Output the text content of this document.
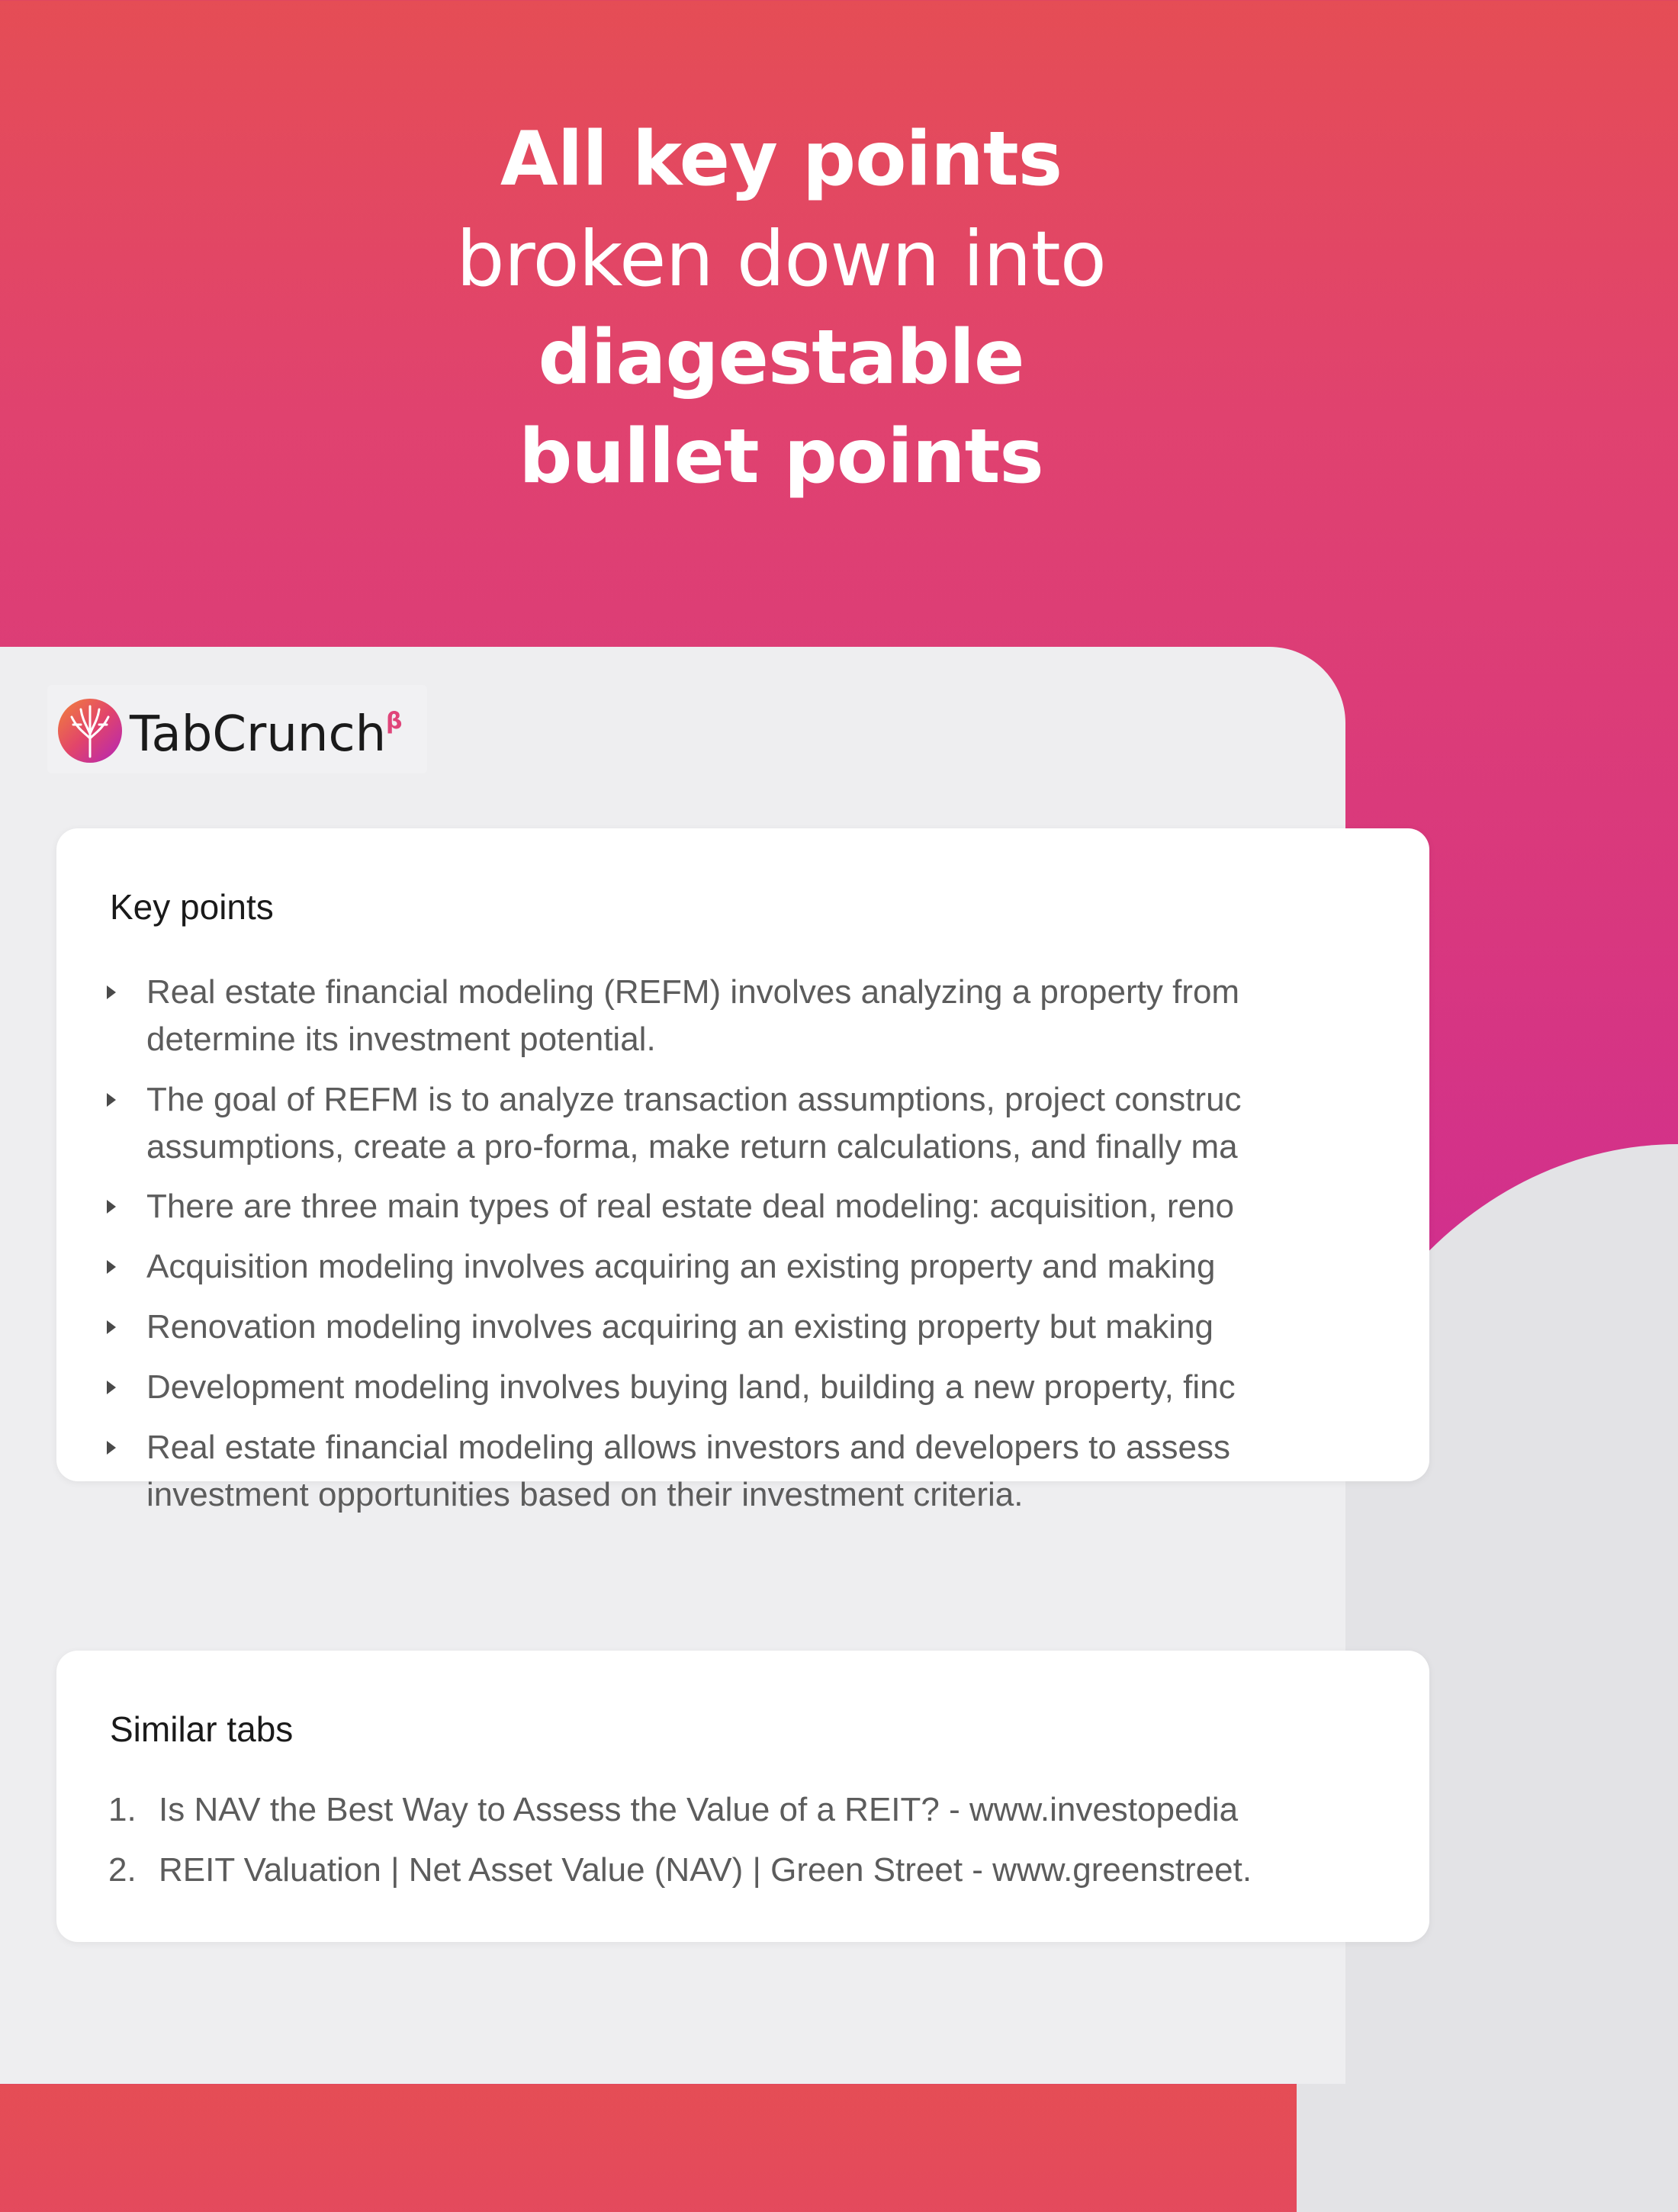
All key points
broken down into
diagestable
bullet points
TabCrunch β
Key points
Real estate financial modeling (REFM) involves analyzing a property from
determine its investment potential.
The goal of REFM is to analyze transaction assumptions, project construc
assumptions, create a pro-forma, make return calculations, and finally ma
There are three main types of real estate deal modeling: acquisition, reno
Acquisition modeling involves acquiring an existing property and making
Renovation modeling involves acquiring an existing property but making
Development modeling involves buying land, building a new property, finc
Real estate financial modeling allows investors and developers to assess
investment opportunities based on their investment criteria.
Similar tabs
1. Is NAV the Best Way to Assess the Value of a REIT? - www.investopedia
2. REIT Valuation | Net Asset Value (NAV) | Green Street - www.greenstreet.
